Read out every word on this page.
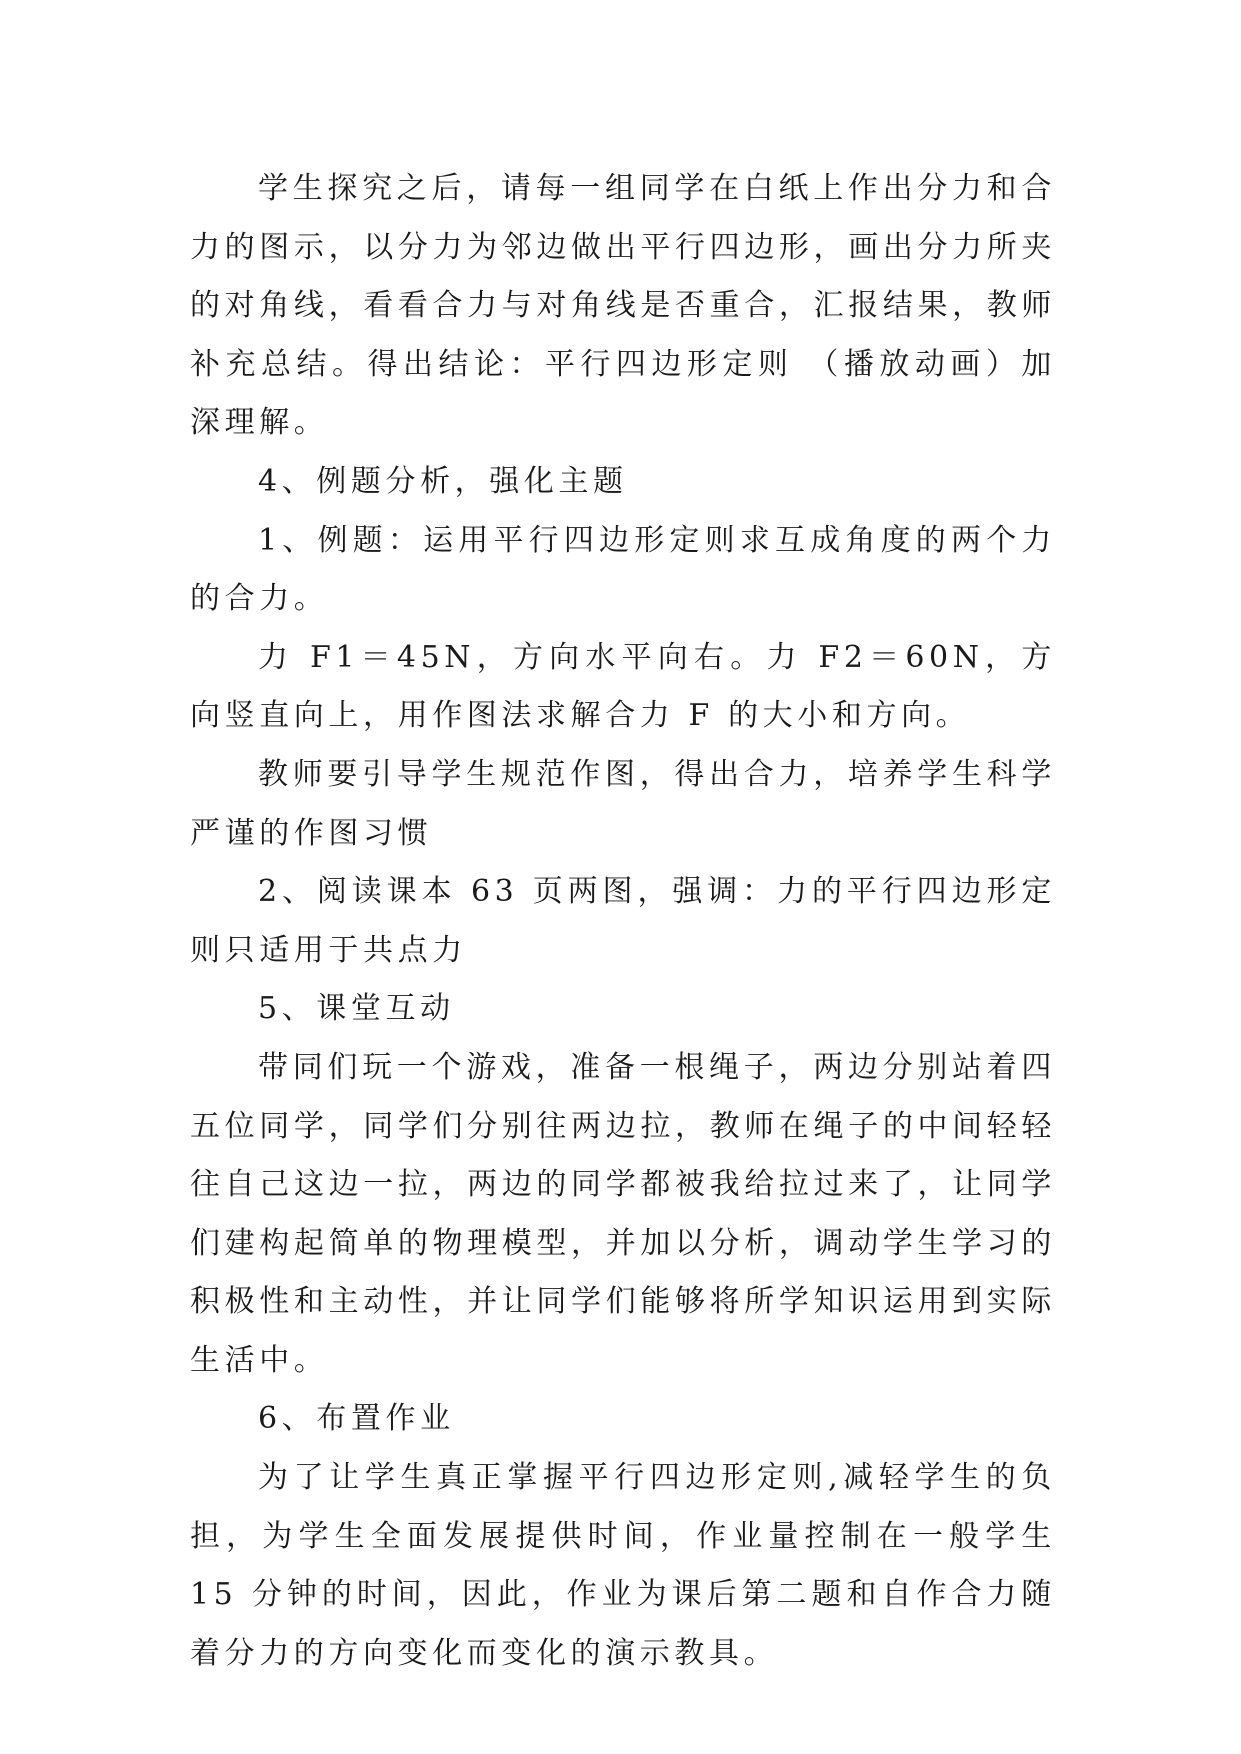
学生探究之后，请每一组同学在白纸上作出分力和合力的图示，以分力为邻边做出平行四边形，画出分力所夹的对角线，看看合力与对角线是否重合，汇报结果，教师补充总结。得出结论：平行四边形定则 （播放动画）加深理解。

4、例题分析，强化主题

1、例题：运用平行四边形定则求互成角度的两个力的合力。

力 F1＝45N，方向水平向右。力 F2＝60N，方向竖直向上，用作图法求解合力 F 的大小和方向。

教师要引导学生规范作图，得出合力，培养学生科学严谨的作图习惯

2、阅读课本 63 页两图，强调：力的平行四边形定则只适用于共点力

5、课堂互动

带同们玩一个游戏，准备一根绳子，两边分别站着四五位同学，同学们分别往两边拉，教师在绳子的中间轻轻往自己这边一拉，两边的同学都被我给拉过来了，让同学们建构起简单的物理模型，并加以分析，调动学生学习的积极性和主动性，并让同学们能够将所学知识运用到实际生活中。

6、布置作业

为了让学生真正掌握平行四边形定则,减轻学生的负担，为学生全面发展提供时间，作业量控制在一般学生 15 分钟的时间，因此，作业为课后第二题和自作合力随着分力的方向变化而变化的演示教具。
